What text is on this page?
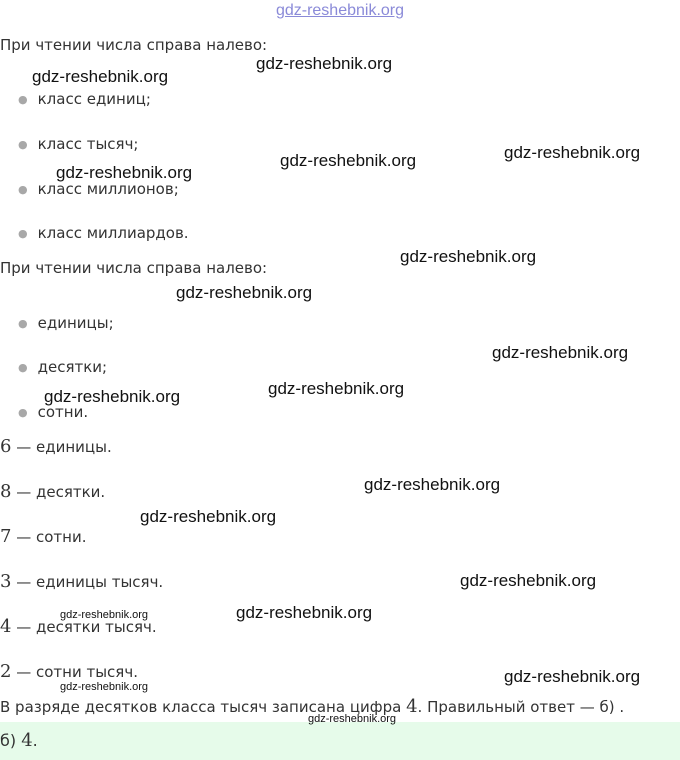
gdz-reshebnik.org
При чтении числа справа налево:
● класс единиц;
● класс тысяч;
● класс миллионов;
● класс миллиардов.
При чтении числа справа налево:
● единицы;
● десятки;
● сотни.
6 — единицы.
8 — десятки.
7 — сотни.
3 — единицы тысяч.
4 — десятки тысяч.
2 — сотни тысяч.
В разряде десятков класса тысяч записана цифра 4. Правильный ответ — б) .
б) 4.
gdz-reshebnik.org
gdz-reshebnik.org
gdz-reshebnik.org
gdz-reshebnik.org
gdz-reshebnik.org
gdz-reshebnik.org
gdz-reshebnik.org
gdz-reshebnik.org
gdz-reshebnik.org
gdz-reshebnik.org
gdz-reshebnik.org
gdz-reshebnik.org
gdz-reshebnik.org
gdz-reshebnik.org
gdz-reshebnik.org
gdz-reshebnik.org
gdz-reshebnik.org
gdz-reshebnik.org
